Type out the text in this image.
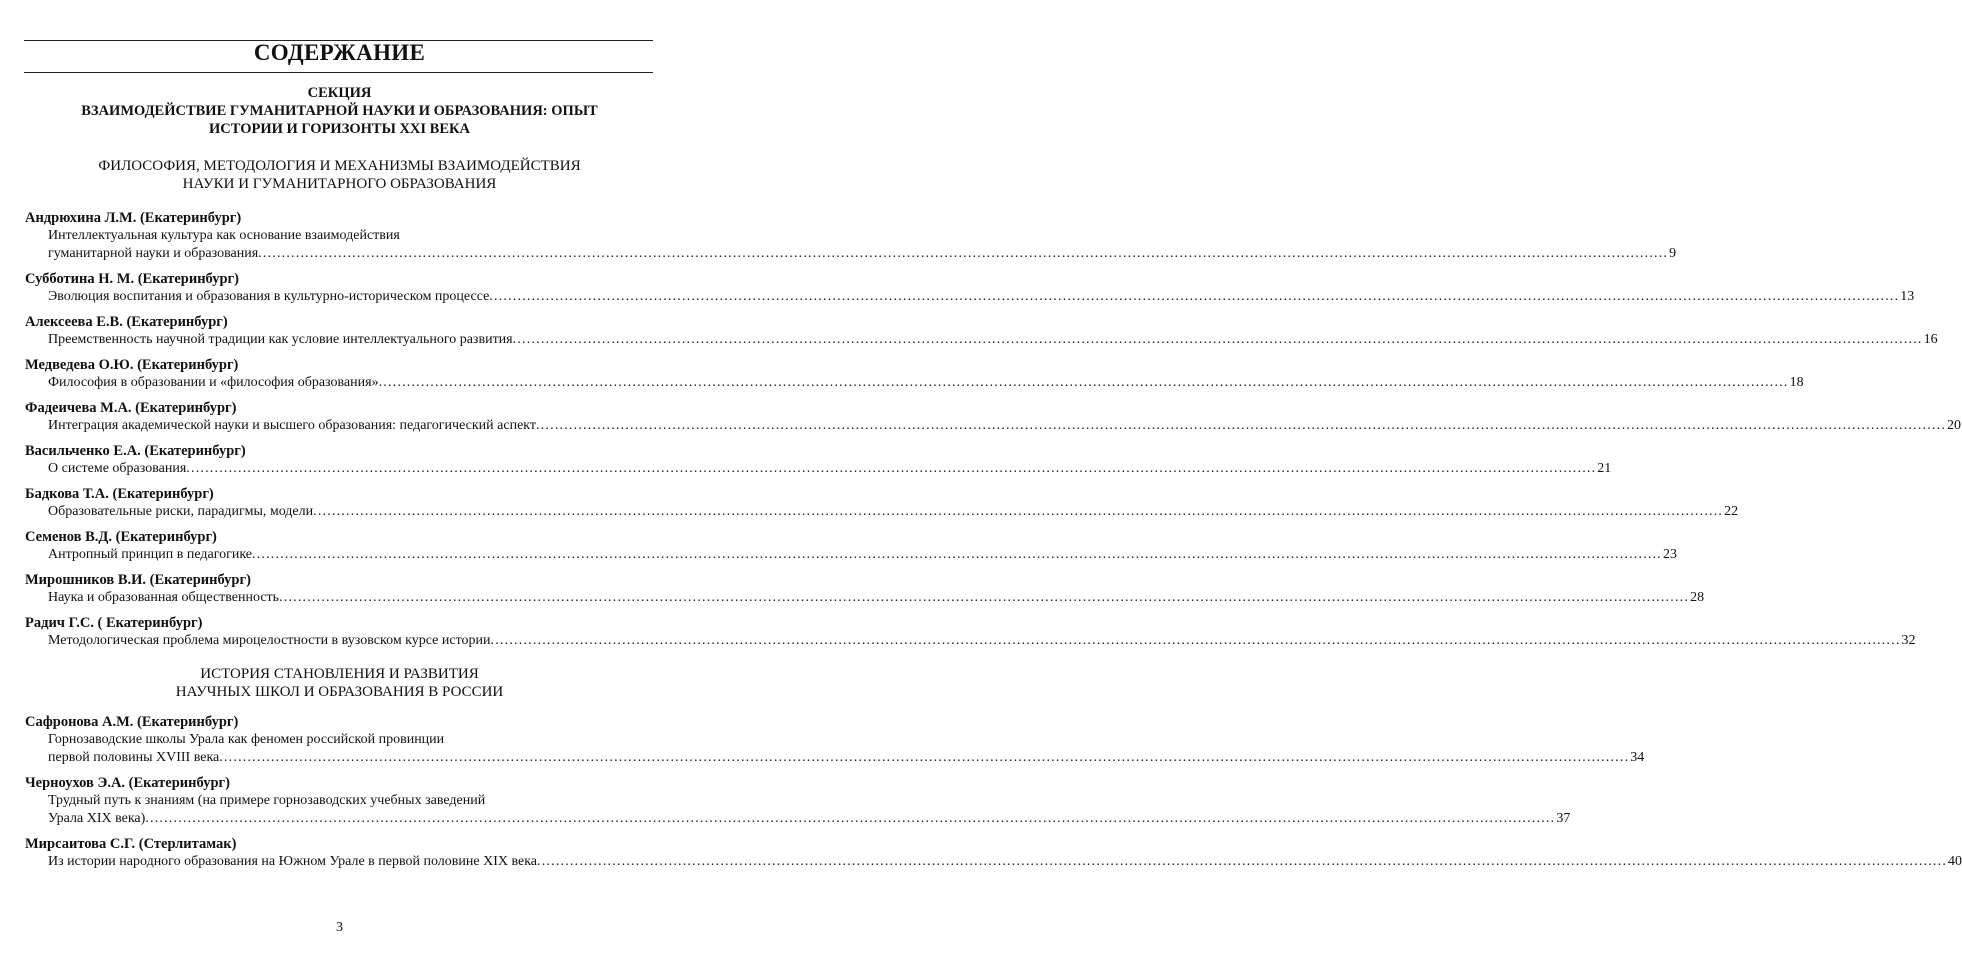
СОДЕРЖАНИЕ
СЕКЦИЯ
ВЗАИМОДЕЙСТВИЕ ГУМАНИТАРНОЙ НАУКИ И ОБРАЗОВАНИЯ: ОПЫТ
ИСТОРИИ И ГОРИЗОНТЫ XXI ВЕКА
ФИЛОСОФИЯ, МЕТОДОЛОГИЯ И МЕХАНИЗМЫ ВЗАИМОДЕЙСТВИЯ
НАУКИ И ГУМАНИТАРНОГО ОБРАЗОВАНИЯ
Андрюхина Л.М. (Екатеринбург)
Интеллектуальная культура как основание взаимодействия
гуманитарной науки и образования ............................................................................................................................................................................................................................................................................................................ 9
Субботина Н. М. (Екатеринбург)
Эволюция воспитания и образования в культурно-историческом процессе ............................................................................................................................................................................................................................................................................................................ 13
Алексеева Е.В. (Екатеринбург)
Преемственность научной традиции как условие интеллектуального развития ............................................................................................................................................................................................................................................................................................................ 16
Медведева О.Ю. (Екатеринбург)
Философия в образовании и «философия образования» ............................................................................................................................................................................................................................................................................................................ 18
Фадеичева М.А. (Екатеринбург)
Интеграция академической науки и высшего образования: педагогический аспект ............................................................................................................................................................................................................................................................................................................ 20
Васильченко Е.А. (Екатеринбург)
О системе образования ............................................................................................................................................................................................................................................................................................................ 21
Бадкова Т.А. (Екатеринбург)
Образовательные риски, парадигмы, модели ............................................................................................................................................................................................................................................................................................................ 22
Семенов В.Д. (Екатеринбург)
Антропный принцип в педагогике ............................................................................................................................................................................................................................................................................................................ 23
Мирошников В.И. (Екатеринбург)
Наука и образованная общественность ............................................................................................................................................................................................................................................................................................................ 28
Радич Г.С. ( Екатеринбург)
Методологическая проблема мироцелостности в вузовском курсе истории ............................................................................................................................................................................................................................................................................................................ 32
ИСТОРИЯ СТАНОВЛЕНИЯ И РАЗВИТИЯ
НАУЧНЫХ ШКОЛ И ОБРАЗОВАНИЯ В РОССИИ
Сафронова А.М. (Екатеринбург)
Горнозаводские школы Урала как феномен российской провинции
первой половины XVIII века ............................................................................................................................................................................................................................................................................................................ 34
Черноухов Э.А. (Екатеринбург)
Трудный путь к знаниям (на примере горнозаводских учебных заведений
Урала XIX века) ............................................................................................................................................................................................................................................................................................................ 37
Мирсаитова С.Г. (Стерлитамак)
Из истории народного образования на Южном Урале в первой половине XIX века ............................................................................................................................................................................................................................................................................................................ 40
3
